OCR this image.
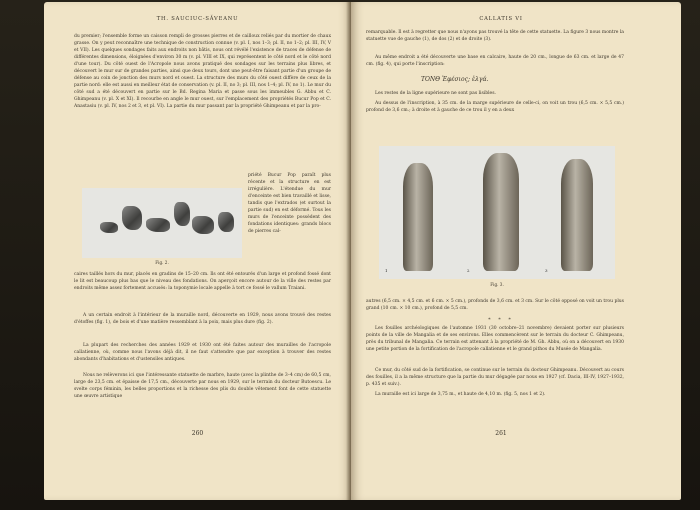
TH. SAUCIUC-SĂVEANU

du premier; l'ensemble forme un caisson rempli de grosses pierres et de cailloux reliés par du mortier de chaux grasse. On y peut reconnaître une technique de construction connue (v. pl. I, nos 1–3; pl. II, no 1–2; pl. III, IV, V et VII). Les quelques sondages faits aux endroits non bâtis, nous ont révélé l'existence de traces de défense de différentes dimensions, éloignées d'environ 30 m (v. pl. VIII et IX, qui représentent le côté nord et le côté nord d'une tour). Du côté ouest de l'Acropole nous avons pratiqué des sondages sur les terrains plus libres, et découvert le mur sur de grandes parties, ainsi que deux tours, dont une peut-être faisant partie d'un groupe de défense au coin de jonction des murs nord et ouest. La structure des murs du côté ouest diffère de ceux de la partie nord: elle est aussi en meilleur état de conservation (v. pl. II, no 3; pl. III, nos 1–4; pl. IV, no 1). Le mur du côté sud a été découvert en partie sur le Bd. Regina Maria et passe sous les immeubles G. Abbu et C. Ghimpeanu (v. pl. X et XI). Il recourbe en angle le mur ouest, sur l'emplacement des propriétés Bucur Pop et C. Anastasiu (v. pl. IV, nos 2 et 3, et pl. VI). La partie du mur passant par la propriété Ghimpeanu et par la pro-

Fig. 2.

priété Bucur Pop paraît plus récente et la structure en est irrégulière. L'étendue du mur d'enceinte est bien travaillé et lisse, tandis que l'extrados (et surtout la partie sud) en est déformé. Tous les murs de l'enceinte possèdent des fondations identiques: grands blocs de pierres cal-

caires taillés hors du mur, placés en gradins de 15–20 cm. Ils ont été entourés d'un large et profond fossé dont le lit est beaucoup plus bas que le niveau des fondations. On aperçoit encore autour de la ville des restes par endroits même assez fortement accusés: la toponymie locale appelle à tort ce fossé le vallum Traiani.

A un certain endroit à l'intérieur de la muraille nord, découverte en 1929, nous avons trouvé des restes d'étoffes (fig. 1), de bois et d'une matière ressemblant à la poix, mais plus dure (fig. 2).

La plupart des recherches des années 1929 et 1930 ont été faites autour des murailles de l'acropole callatienne, où, comme nous l'avons déjà dit, il ne faut s'attendre que par exception à trouver des restes abondants d'habitations et d'ustensiles antiques.

Nous ne relèverons ici que l'intéressante statuette de marbre, haute (avec la plinthe de 3–4 cm) de 60,5 cm, large de 23,5 cm. et épaisse de 17,5 cm., découverte par nous en 1929, sur le terrain du docteur Butoescu. Le svelte corps féminin, les belles proportions et la richesse des plis du double vêtement font de cette statuette une œuvre artistique

260
CALLATIS VI

remarquable. Il est à regretter que nous n'ayons pas trouvé la tête de cette statuette. La figure 3 nous montre la statuette vue de gauche (1), de dos (2) et de droite (3).

Au même endroit a été découverte une base en calcaire, haute de 20 cm., longue de 63 cm. et large de 47 cm. (fig. 4), qui porte l'inscription:

ΤΟΝΘ Ἐφέσιος; ἐλγά.

Les restes de la ligne supérieure ne sont pas lisibles.

Au dessus de l'inscription, à 35 cm. de la marge supérieure de celle-ci, on voit un trou (6,5 cm. × 5,5 cm.) profond de 3,6 cm.; à droite et à gauche de ce trou il y en a deux

1	2	3
Fig. 3.

autres (6,5 cm. × 4,5 cm. et 6 cm. × 5 cm.), profonds de 3,6 cm. et 3 cm. Sur le côté opposé on voit un trou plus grand (10 cm. × 10 cm.), profond de 5,5 cm.

* * *

Les fouilles archéologiques de l'automne 1931 (30 octobre–21 novembre) devaient porter sur plusieurs points de la ville de Mangalia et de ses environs. Elles commencèrent sur le terrain du docteur C. Ghimpeanu, près du tribunal de Mangalia. Ce terrain est attenant à la propriété de M. Gh. Abbu, où on a découvert en 1930 une petite portion de la fortification de l'acropole callatienne et le grand pithos du Musée de Mangalia.

Ce mur, du côté sud de la fortification, se continue sur le terrain du docteur Ghimpeanu. Découvert au cours des fouilles, il a la même structure que la partie du mur dégagée par nous en 1927 (cf. Dacia, III-IV, 1927–1932, p. 435 et suiv.).

La muraille est ici large de 3,75 m., et haute de 4,10 m. (fig. 5, nos 1 et 2).

261
